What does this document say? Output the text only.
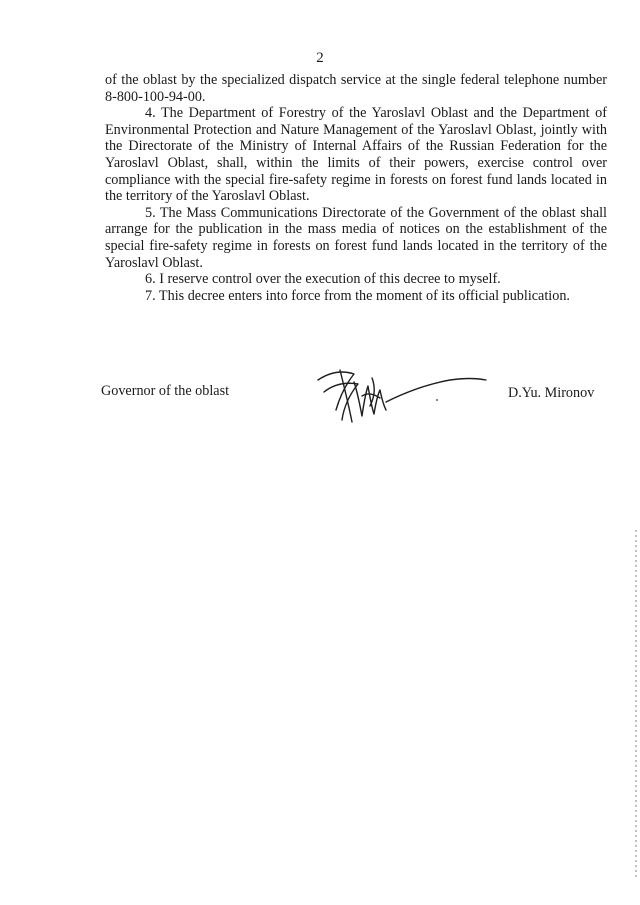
2

of the oblast by the specialized dispatch service at the single federal telephone number 8-800-100-94-00.

4. The Department of Forestry of the Yaroslavl Oblast and the Department of Environmental Protection and Nature Management of the Yaroslavl Oblast, jointly with the Directorate of the Ministry of Internal Affairs of the Russian Federation for the Yaroslavl Oblast, shall, within the limits of their powers, exercise control over compliance with the special fire-safety regime in forests on forest fund lands located in the territory of the Yaroslavl Oblast.

5. The Mass Communications Directorate of the Government of the oblast shall arrange for the publication in the mass media of notices on the establishment of the special fire-safety regime in forests on forest fund lands located in the territory of the Yaroslavl Oblast.

6. I reserve control over the execution of this decree to myself.

7. This decree enters into force from the moment of its official publication.

Governor of the oblast	D.Yu. Mironov
